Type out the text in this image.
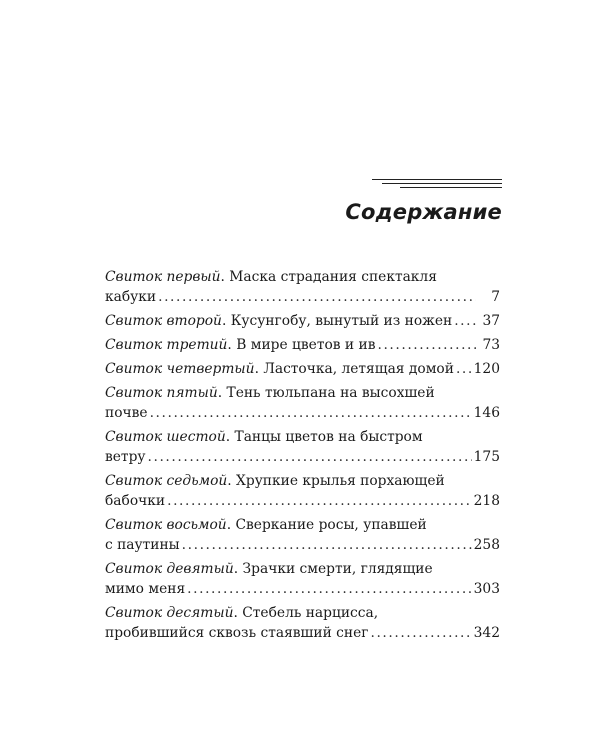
Содержание
Свиток первый . Маска страдания спектакля
кабуки . . .	7
Свиток второй . Кусунгобу, вынутый из ножен . . .	37
Свиток третий . В мире цветов и ив . . .	73
Свиток четвертый . Ласточка, летящая домой . . . 120
Свиток пятый . Тень тюльпана на высохшей
почве . . .	146
Свиток шестой . Танцы цветов на быстром
ветру . . .	175
Свиток седьмой . Хрупкие крылья порхающей
бабочки . . .	218
Свиток восьмой . Сверкание росы, упавшей
с паутины . . .	258
Свиток девятый . Зрачки смерти, глядящие
мимо меня . . .	303
Свиток десятый . Стебель нарцисса,
пробившийся сквозь стаявший снег . . .	342
